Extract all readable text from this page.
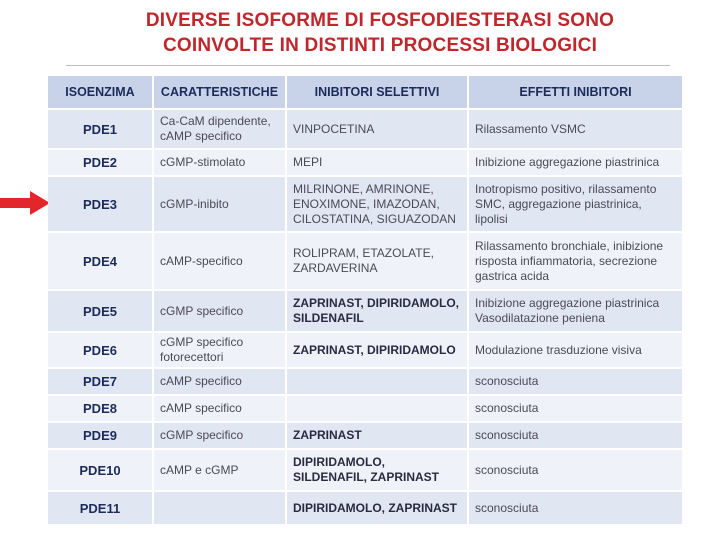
DIVERSE ISOFORME DI FOSFODIESTERASI SONO
COINVOLTE IN DISTINTI PROCESSI BIOLOGICI
ISOENZIMA	CARATTERISTICHE	INIBITORI SELETTIVI	EFFETTI INIBITORI
PDE1	Ca-CaM dipendente, cAMP specifico	VINPOCETINA	Rilassamento VSMC
PDE2	cGMP-stimolato	MEPI	Inibizione aggregazione piastrinica
PDE3	cGMP-inibito	MILRINONE, AMRINONE, ENOXIMONE, IMAZODAN, CILOSTATINA, SIGUAZODAN	Inotropismo positivo, rilassamento SMC, aggregazione piastrinica, lipolisi
PDE4	cAMP-specifico	ROLIPRAM, ETAZOLATE, ZARDAVERINA	Rilassamento bronchiale, inibizione risposta infiammatoria, secrezione gastrica acida
PDE5	cGMP specifico	ZAPRINAST, DIPIRIDAMOLO, SILDENAFIL	Inibizione aggregazione piastrinica Vasodilatazione peniena
PDE6	cGMP specifico fotorecettori	ZAPRINAST, DIPIRIDAMOLO	Modulazione trasduzione visiva
PDE7	cAMP specifico		sconosciuta
PDE8	cAMP specifico		sconosciuta
PDE9	cGMP specifico	ZAPRINAST	sconosciuta
PDE10	cAMP e cGMP	DIPIRIDAMOLO, SILDENAFIL, ZAPRINAST	sconosciuta
PDE11		DIPIRIDAMOLO, ZAPRINAST	sconosciuta
